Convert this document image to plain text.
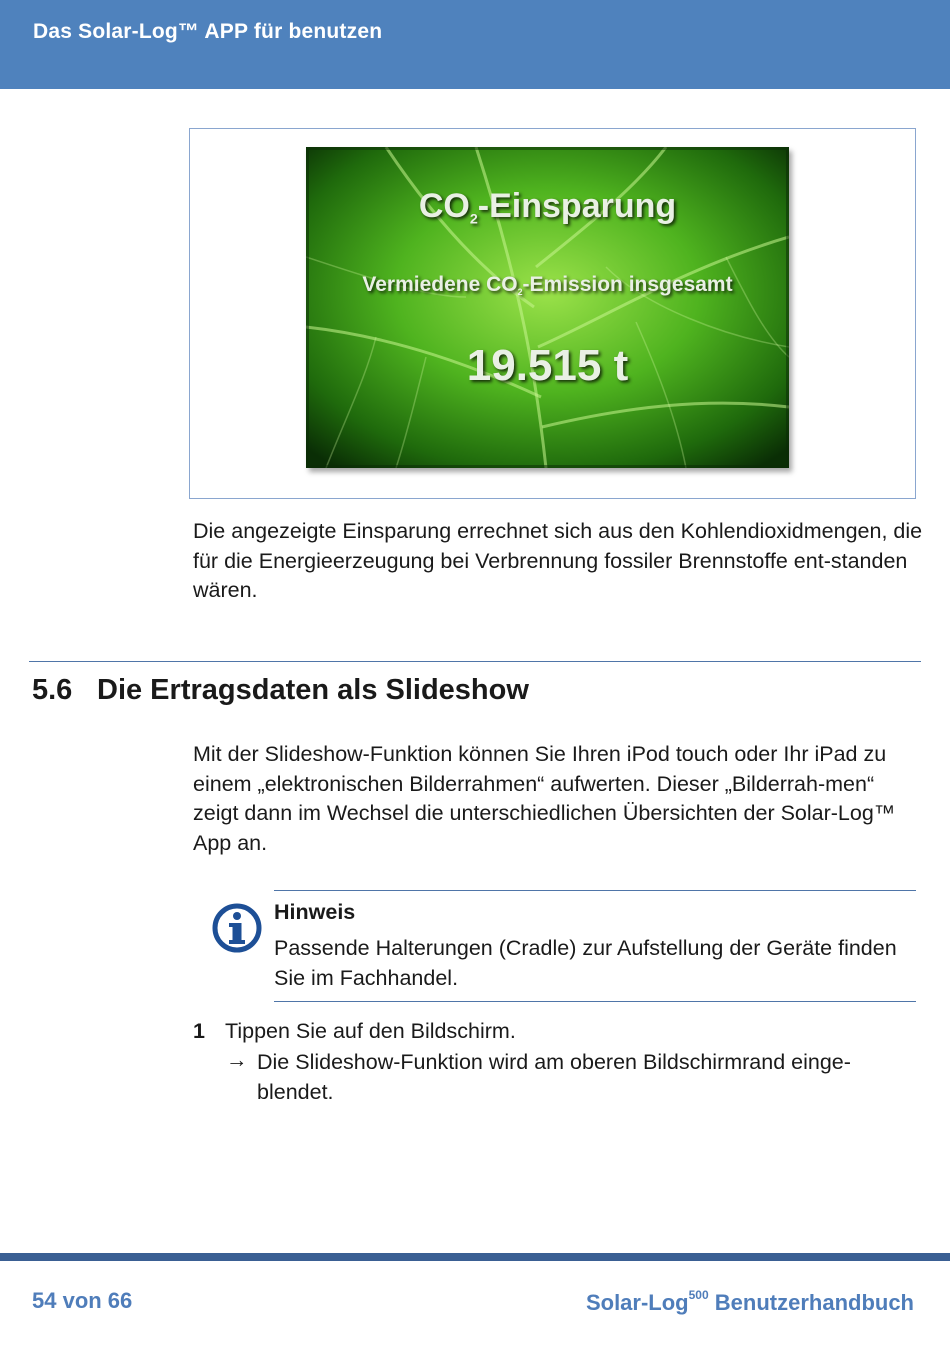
Das Solar-Log™ APP für benutzen
$CO_2$-Einsparung
Vermiedene $CO_2$-Emission insgesamt
19.515 t
Die angezeigte Einsparung errechnet sich aus den Kohlendioxidmengen, die für die Energieerzeugung bei Verbrennung fossiler Brennstoffe ent-standen wären.
5.6 Die Ertragsdaten als Slideshow
Mit der Slideshow-Funktion können Sie Ihren iPod touch oder Ihr iPad zu einem „elektronischen Bilderrahmen“ aufwerten. Dieser „Bilderrah-men“ zeigt dann im Wechsel die unterschiedlichen Übersichten der Solar-Log™ App an.
Hinweis
Passende Halterungen (Cradle) zur Aufstellung der Geräte finden Sie im Fachhandel.
1 Tippen Sie auf den Bildschirm.
→ Die Slideshow-Funktion wird am oberen Bildschirmrand einge-blendet.
54 von 66	Solar-Log$^{500}$ Benutzerhandbuch
